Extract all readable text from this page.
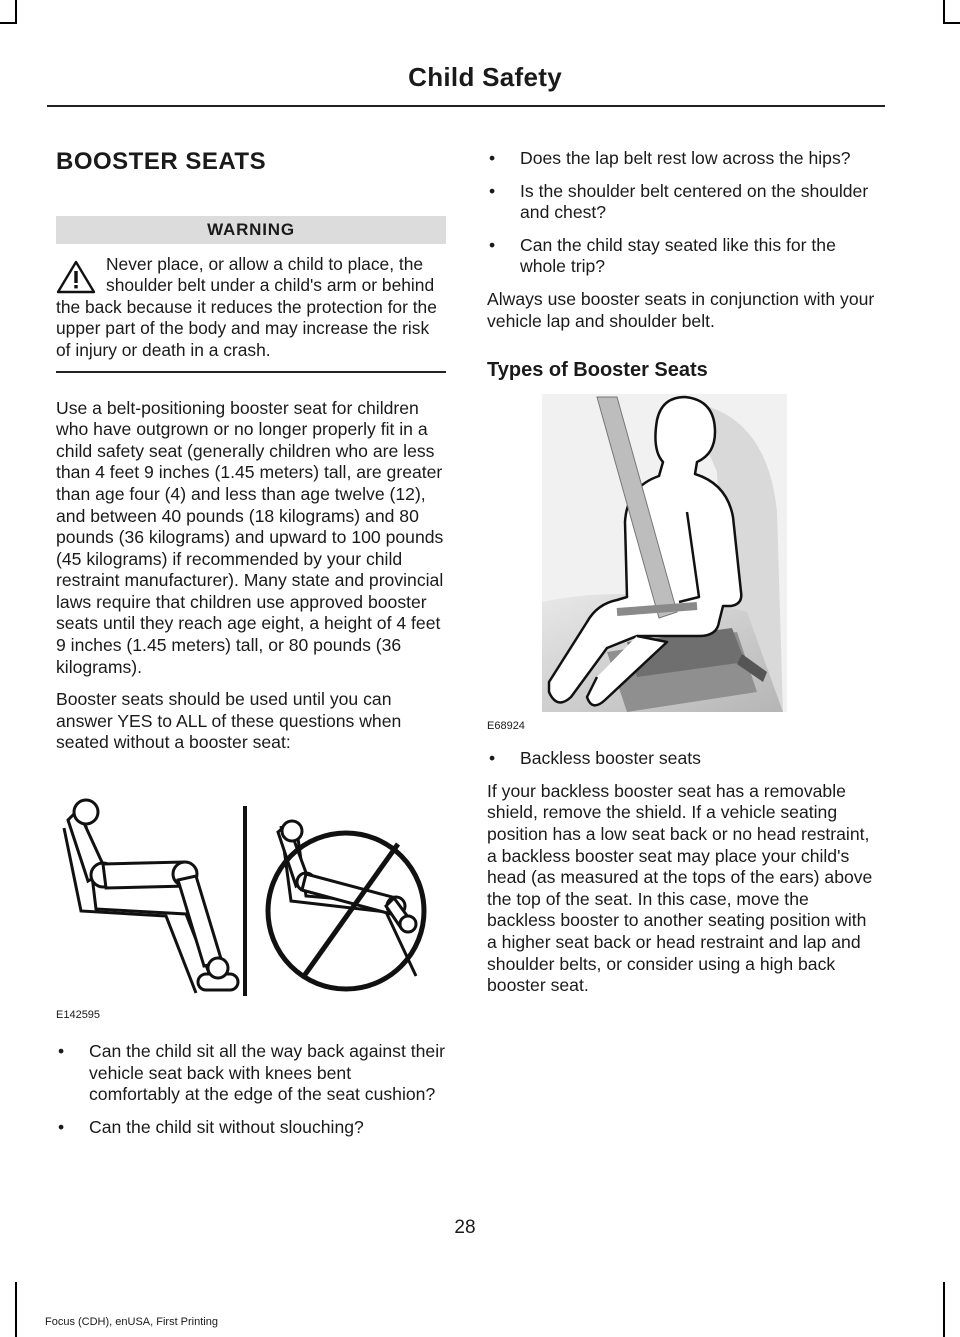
Child Safety
BOOSTER SEATS
WARNING
Never place, or allow a child to place, the shoulder belt under a child's arm or behind the back because it reduces the protection for the upper part of the body and may increase the risk of injury or death in a crash.

Use a belt-positioning booster seat for children who have outgrown or no longer properly fit in a child safety seat (generally children who are less than 4 feet 9 inches (1.45 meters) tall, are greater than age four (4) and less than age twelve (12), and between 40 pounds (18 kilograms) and 80 pounds (36 kilograms) and upward to 100 pounds (45 kilograms) if recommended by your child restraint manufacturer). Many state and provincial laws require that children use approved booster seats until they reach age eight, a height of 4 feet 9 inches (1.45 meters) tall, or 80 pounds (36 kilograms).

Booster seats should be used until you can answer YES to ALL of these questions when seated without a booster seat:

E142595
• Can the child sit all the way back against their vehicle seat back with knees bent comfortably at the edge of the seat cushion?
• Can the child sit without slouching?
• Does the lap belt rest low across the hips?
• Is the shoulder belt centered on the shoulder and chest?
• Can the child stay seated like this for the whole trip?

Always use booster seats in conjunction with your vehicle lap and shoulder belt.

Types of Booster Seats
E68924
• Backless booster seats

If your backless booster seat has a removable shield, remove the shield. If a vehicle seating position has a low seat back or no head restraint, a backless booster seat may place your child's head (as measured at the tops of the ears) above the top of the seat. In this case, move the backless booster to another seating position with a higher seat back or head restraint and lap and shoulder belts, or consider using a high back booster seat.

28
Focus (CDH), enUSA, First Printing
